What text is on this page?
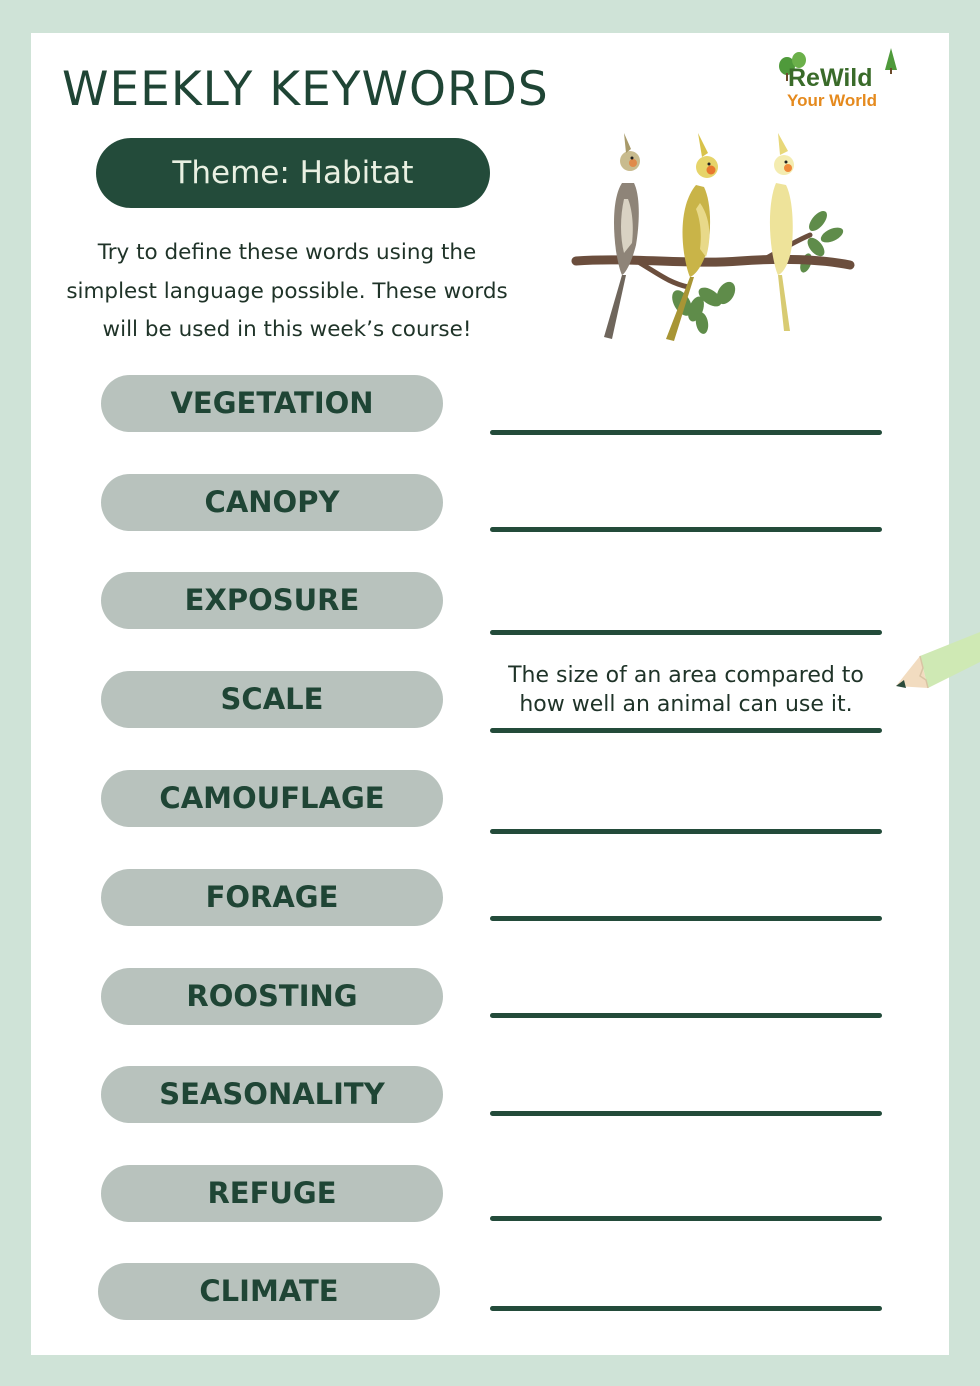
WEEKLY KEYWORDS
Theme: Habitat

Try to define these words using the simplest language possible. These words will be used in this week’s course!

ReWild
Your World
VEGETATION
CANOPY
EXPOSURE
SCALE

The size of an area compared to how well an animal can use it.

CAMOUFLAGE
FORAGE
ROOSTING
SEASONALITY
REFUGE
CLIMATE
